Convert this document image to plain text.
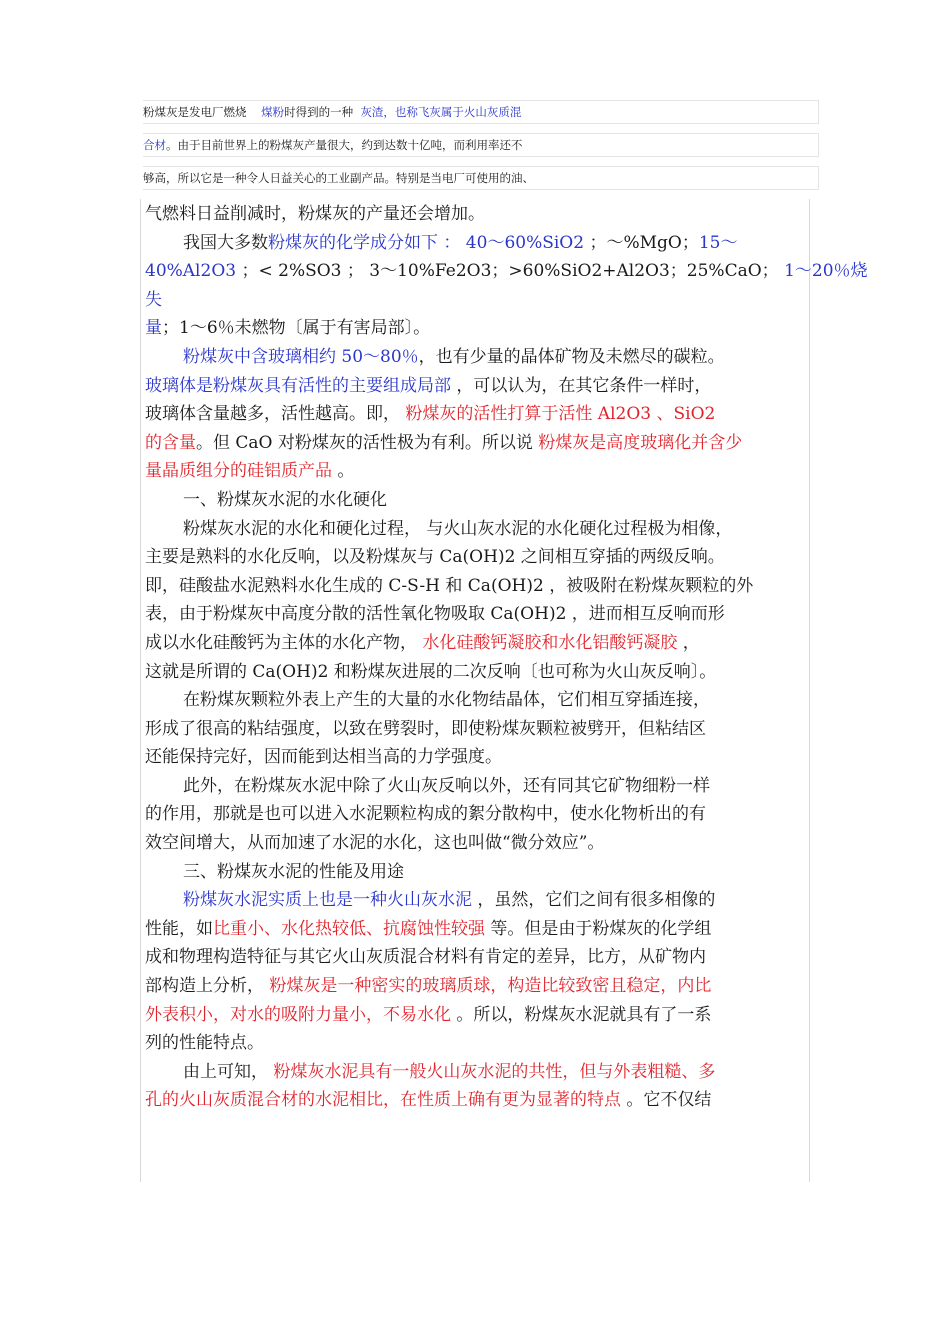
粉煤灰是发电厂燃烧    煤粉时得到的一种  灰渣，也称飞灰属于火山灰质混
合材。由于目前世界上的粉煤灰产量很大，约到达数十亿吨，而利用率还不
够高，所以它是一种令人日益关心的工业副产品。特别是当电厂可使用的油、
气燃料日益削减时，粉煤灰的产量还会增加。
我国大多数粉煤灰的化学成分如下 ： 40～60%SiO2 ；～%MgO；15～
40%Al2O3 ；< 2%SO3 ； 3～10%Fe2O3；>60%SiO2+Al2O3；25%CaO； 1～20％烧
失
量；1～6％未燃物〔属于有害局部〕。
粉煤灰中含玻璃相约 50～80％，也有少量的晶体矿物及未燃尽的碳粒。
玻璃体是粉煤灰具有活性的主要组成局部 ，可以认为，在其它条件一样时，
玻璃体含量越多，活性越高。即， 粉煤灰的活性打算于活性 Al2O3 、SiO2
的含量。但 CaO 对粉煤灰的活性极为有利。所以说 粉煤灰是高度玻璃化并含少
量晶质组分的硅铝质产品 。
一、粉煤灰水泥的水化硬化
粉煤灰水泥的水化和硬化过程， 与火山灰水泥的水化硬化过程极为相像，
主要是熟料的水化反响，以及粉煤灰与 Ca(OH)2 之间相互穿插的两级反响。
即，硅酸盐水泥熟料水化生成的 C-S-H 和 Ca(OH)2 ，被吸附在粉煤灰颗粒的外
表，由于粉煤灰中高度分散的活性氧化物吸取 Ca(OH)2 ，进而相互反响而形
成以水化硅酸钙为主体的水化产物， 水化硅酸钙凝胶和水化铝酸钙凝胶 ，
这就是所谓的 Ca(OH)2 和粉煤灰进展的二次反响〔也可称为火山灰反响〕。
在粉煤灰颗粒外表上产生的大量的水化物结晶体，它们相互穿插连接，
形成了很高的粘结强度，以致在劈裂时，即使粉煤灰颗粒被劈开，但粘结区
还能保持完好，因而能到达相当高的力学强度。
此外，在粉煤灰水泥中除了火山灰反响以外，还有同其它矿物细粉一样
的作用，那就是也可以进入水泥颗粒构成的絮分散构中，使水化物析出的有
效空间增大，从而加速了水泥的水化，这也叫做“微分效应”。
三、粉煤灰水泥的性能及用途
粉煤灰水泥实质上也是一种火山灰水泥 ，虽然，它们之间有很多相像的
性能，如比重小、水化热较低、抗腐蚀性较强 等。但是由于粉煤灰的化学组
成和物理构造特征与其它火山灰质混合材料有肯定的差异，比方，从矿物内
部构造上分析， 粉煤灰是一种密实的玻璃质球，构造比较致密且稳定，内比
外表积小，对水的吸附力量小，不易水化 。所以，粉煤灰水泥就具有了一系
列的性能特点。
由上可知， 粉煤灰水泥具有一般火山灰水泥的共性，但与外表粗糙、多
孔的火山灰质混合材的水泥相比，在性质上确有更为显著的特点 。它不仅结
